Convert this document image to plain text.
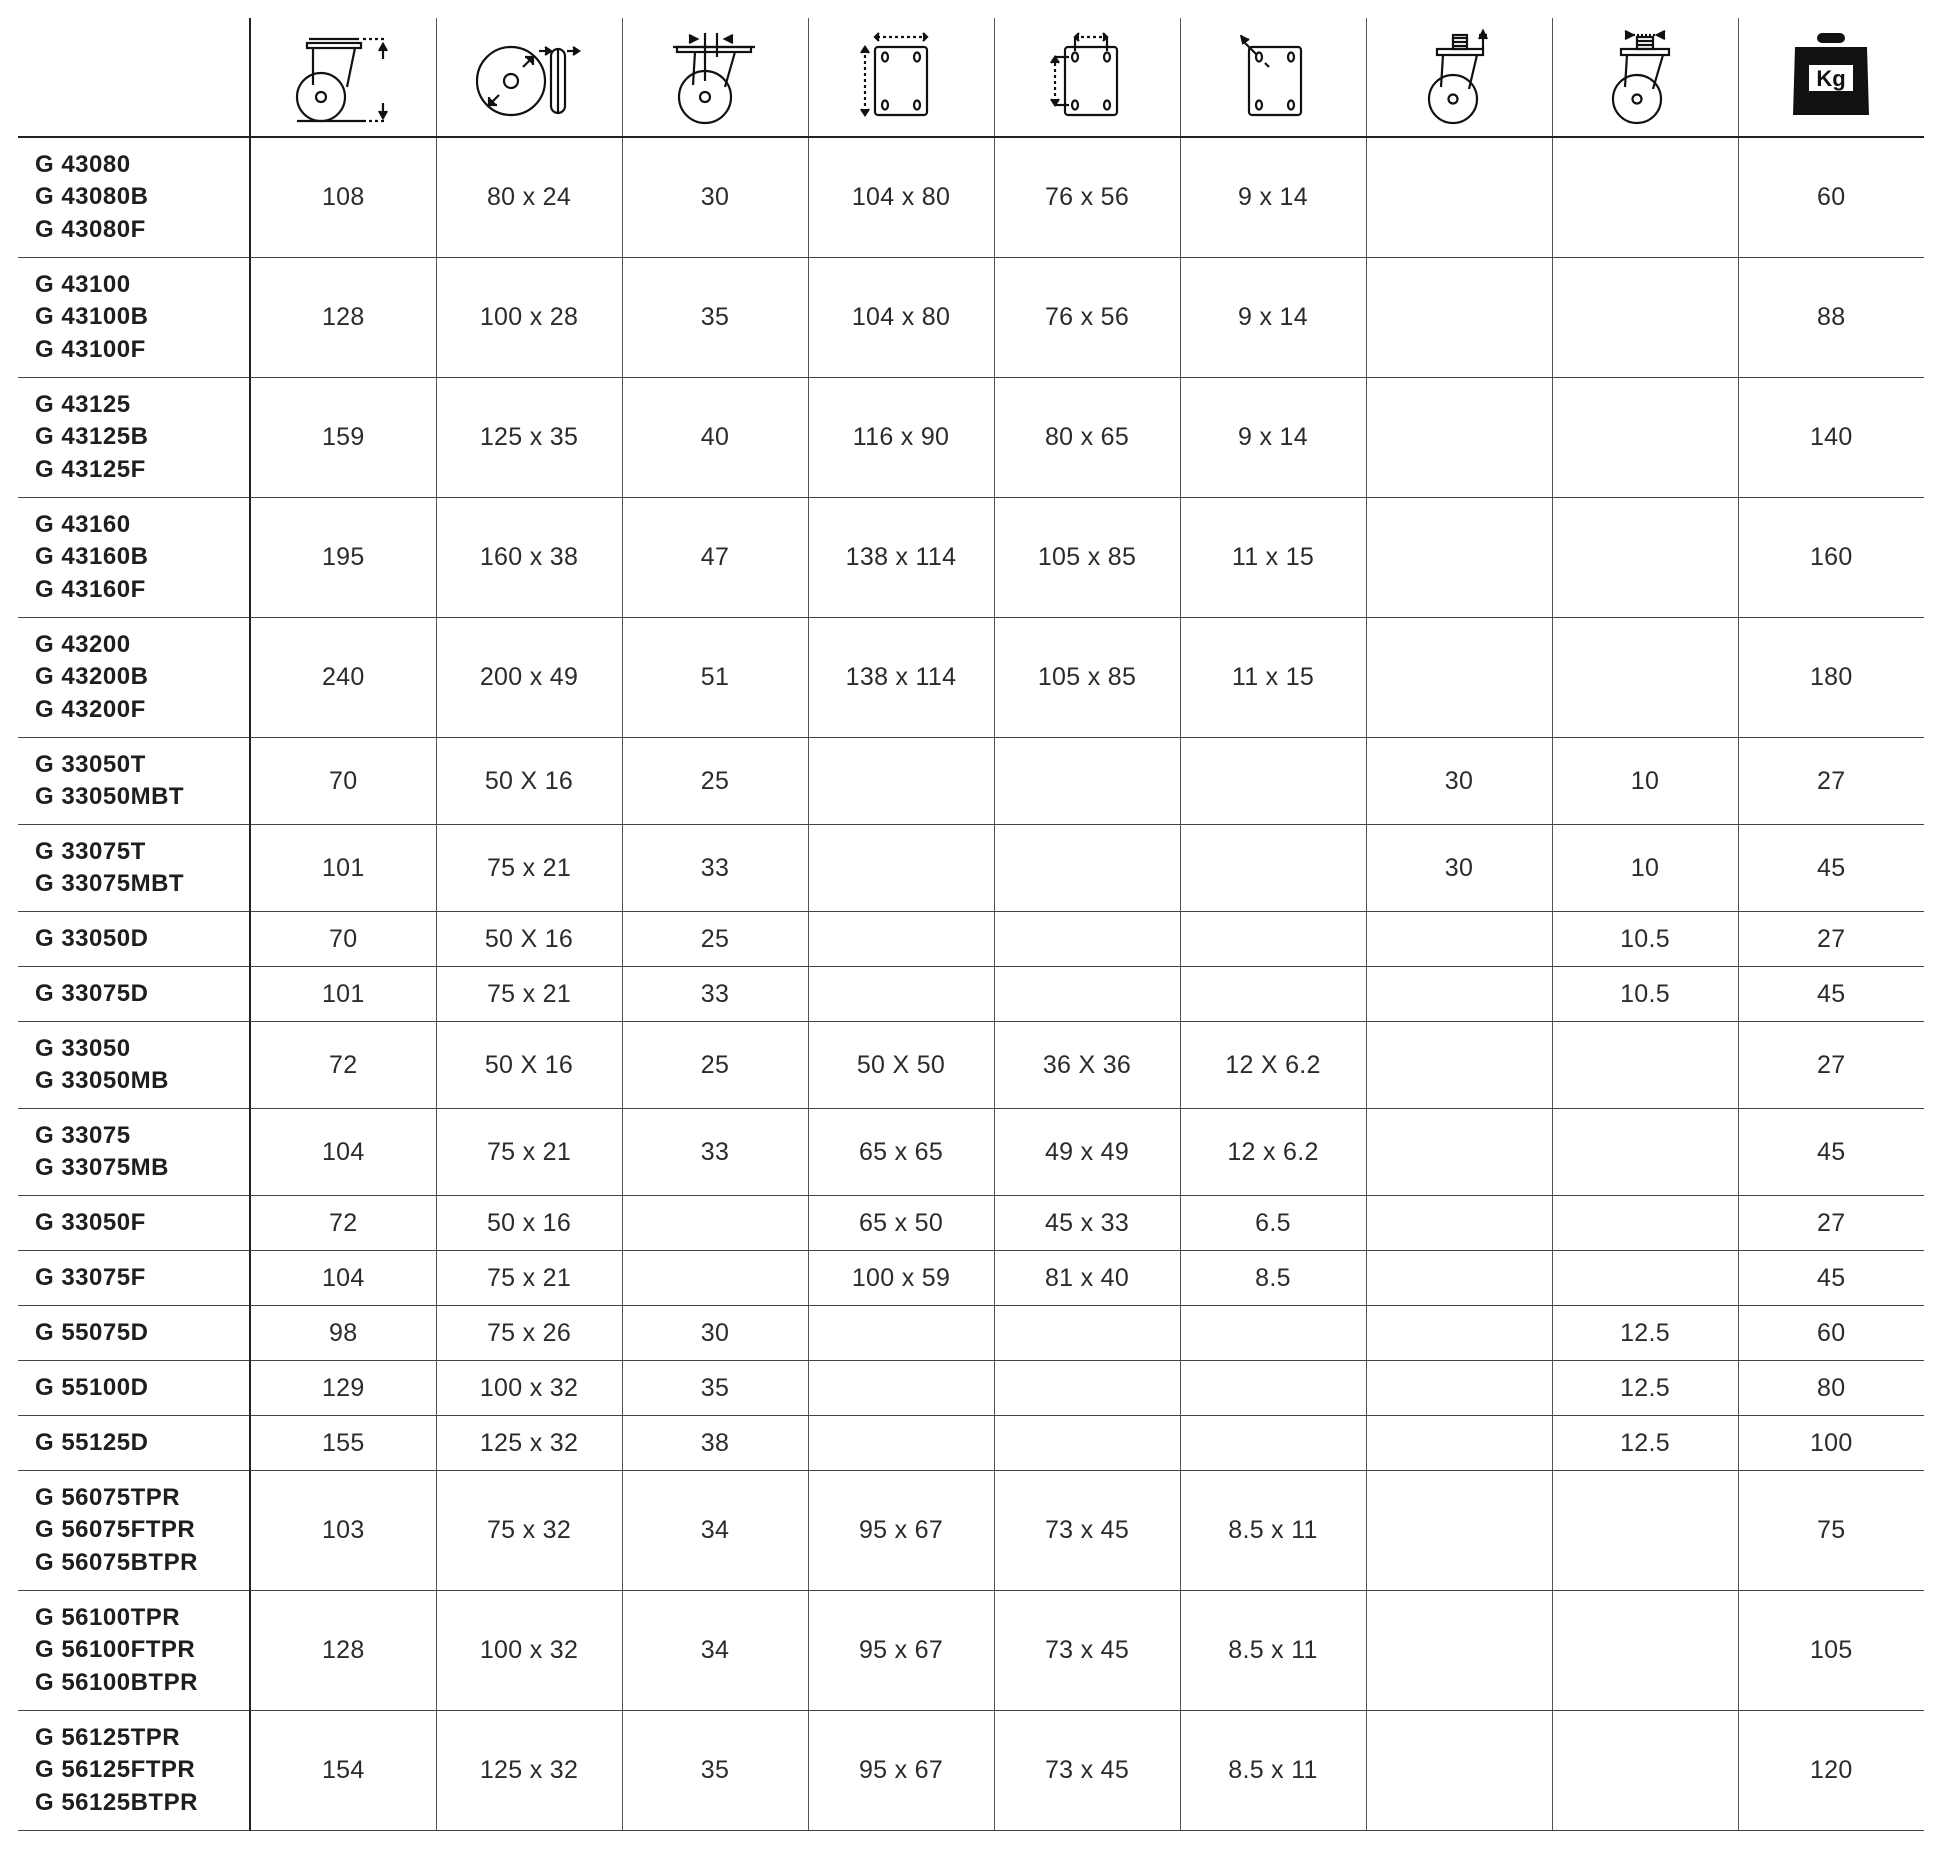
Kg

G 43080
G 43080B
G 43080F	108	80 x 24	30	104 x 80	76 x 56	9 x 14			60

G 43100
G 43100B
G 43100F	128	100 x 28	35	104 x 80	76 x 56	9 x 14			88

G 43125
G 43125B
G 43125F	159	125 x 35	40	116 x 90	80 x 65	9 x 14			140

G 43160
G 43160B
G 43160F	195	160 x 38	47	138 x 114	105 x 85	11 x 15			160

G 43200
G 43200B
G 43200F	240	200 x 49	51	138 x 114	105 x 85	11 x 15			180

G 33050T
G 33050MBT	70	50 X 16	25				30	10	27

G 33075T
G 33075MBT	101	75 x 21	33				30	10	45

G 33050D	70	50 X 16	25					10.5	27

G 33075D	101	75 x 21	33					10.5	45

G 33050
G 33050MB	72	50 X 16	25	50 X 50	36 X 36	12 X 6.2			27

G 33075
G 33075MB	104	75 x 21	33	65 x 65	49 x 49	12 x 6.2			45

G 33050F	72	50 x 16		65 x 50	45 x 33	6.5			27

G 33075F	104	75 x 21		100 x 59	81 x 40	8.5			45

G 55075D	98	75 x 26	30					12.5	60

G 55100D	129	100 x 32	35					12.5	80

G 55125D	155	125 x 32	38					12.5	100

G 56075TPR
G 56075FTPR
G 56075BTPR	103	75 x 32	34	95 x 67	73 x 45	8.5 x 11			75

G 56100TPR
G 56100FTPR
G 56100BTPR	128	100 x 32	34	95 x 67	73 x 45	8.5 x 11			105

G 56125TPR
G 56125FTPR
G 56125BTPR	154	125 x 32	35	95 x 67	73 x 45	8.5 x 11			120
